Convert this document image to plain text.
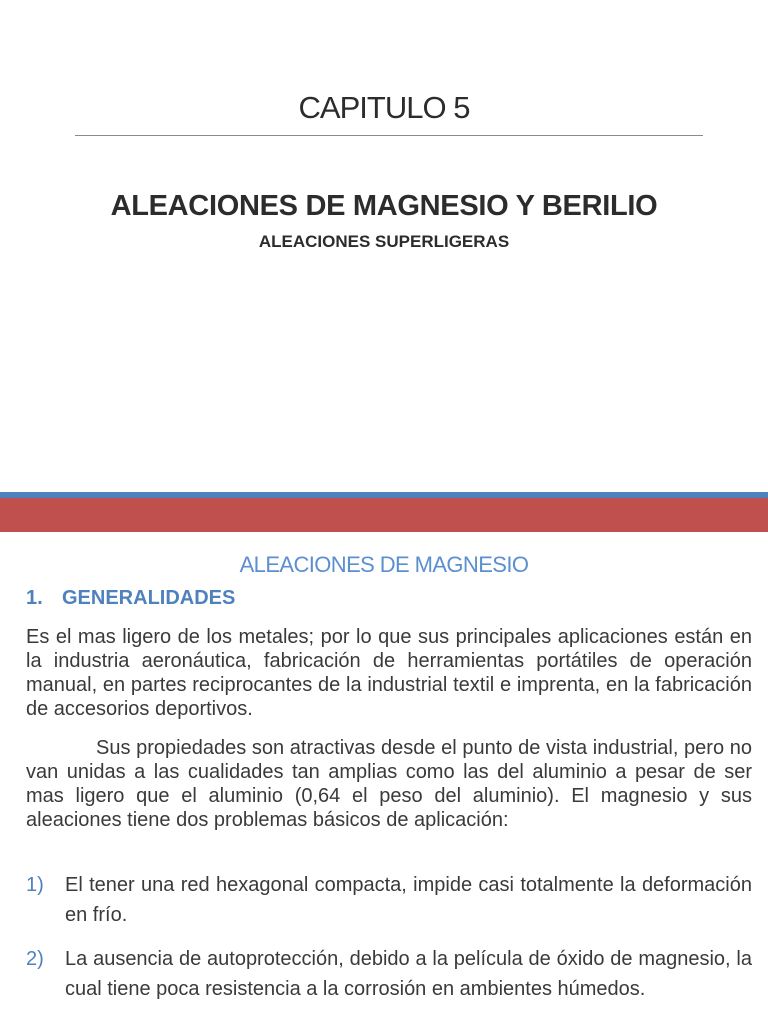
CAPITULO 5
ALEACIONES DE MAGNESIO Y BERILIO
ALEACIONES SUPERLIGERAS
ALEACIONES DE MAGNESIO
1. GENERALIDADES
Es el mas ligero de los metales; por lo que sus principales aplicaciones están en la industria aeronáutica, fabricación de herramientas portátiles de operación manual, en partes reciprocantes de la industrial textil e imprenta, en la fabricación de accesorios deportivos.
Sus propiedades son atractivas desde el punto de vista industrial, pero no van unidas a las cualidades tan amplias como las del aluminio a pesar de ser mas ligero que el aluminio (0,64 el peso del aluminio). El magnesio y sus aleaciones tiene dos problemas básicos de aplicación:
1) El tener una red hexagonal compacta, impide casi totalmente la deformación en frío.
2) La ausencia de autoprotección, debido a la película de óxido de magnesio, la cual tiene poca resistencia a la corrosión en ambientes húmedos.
